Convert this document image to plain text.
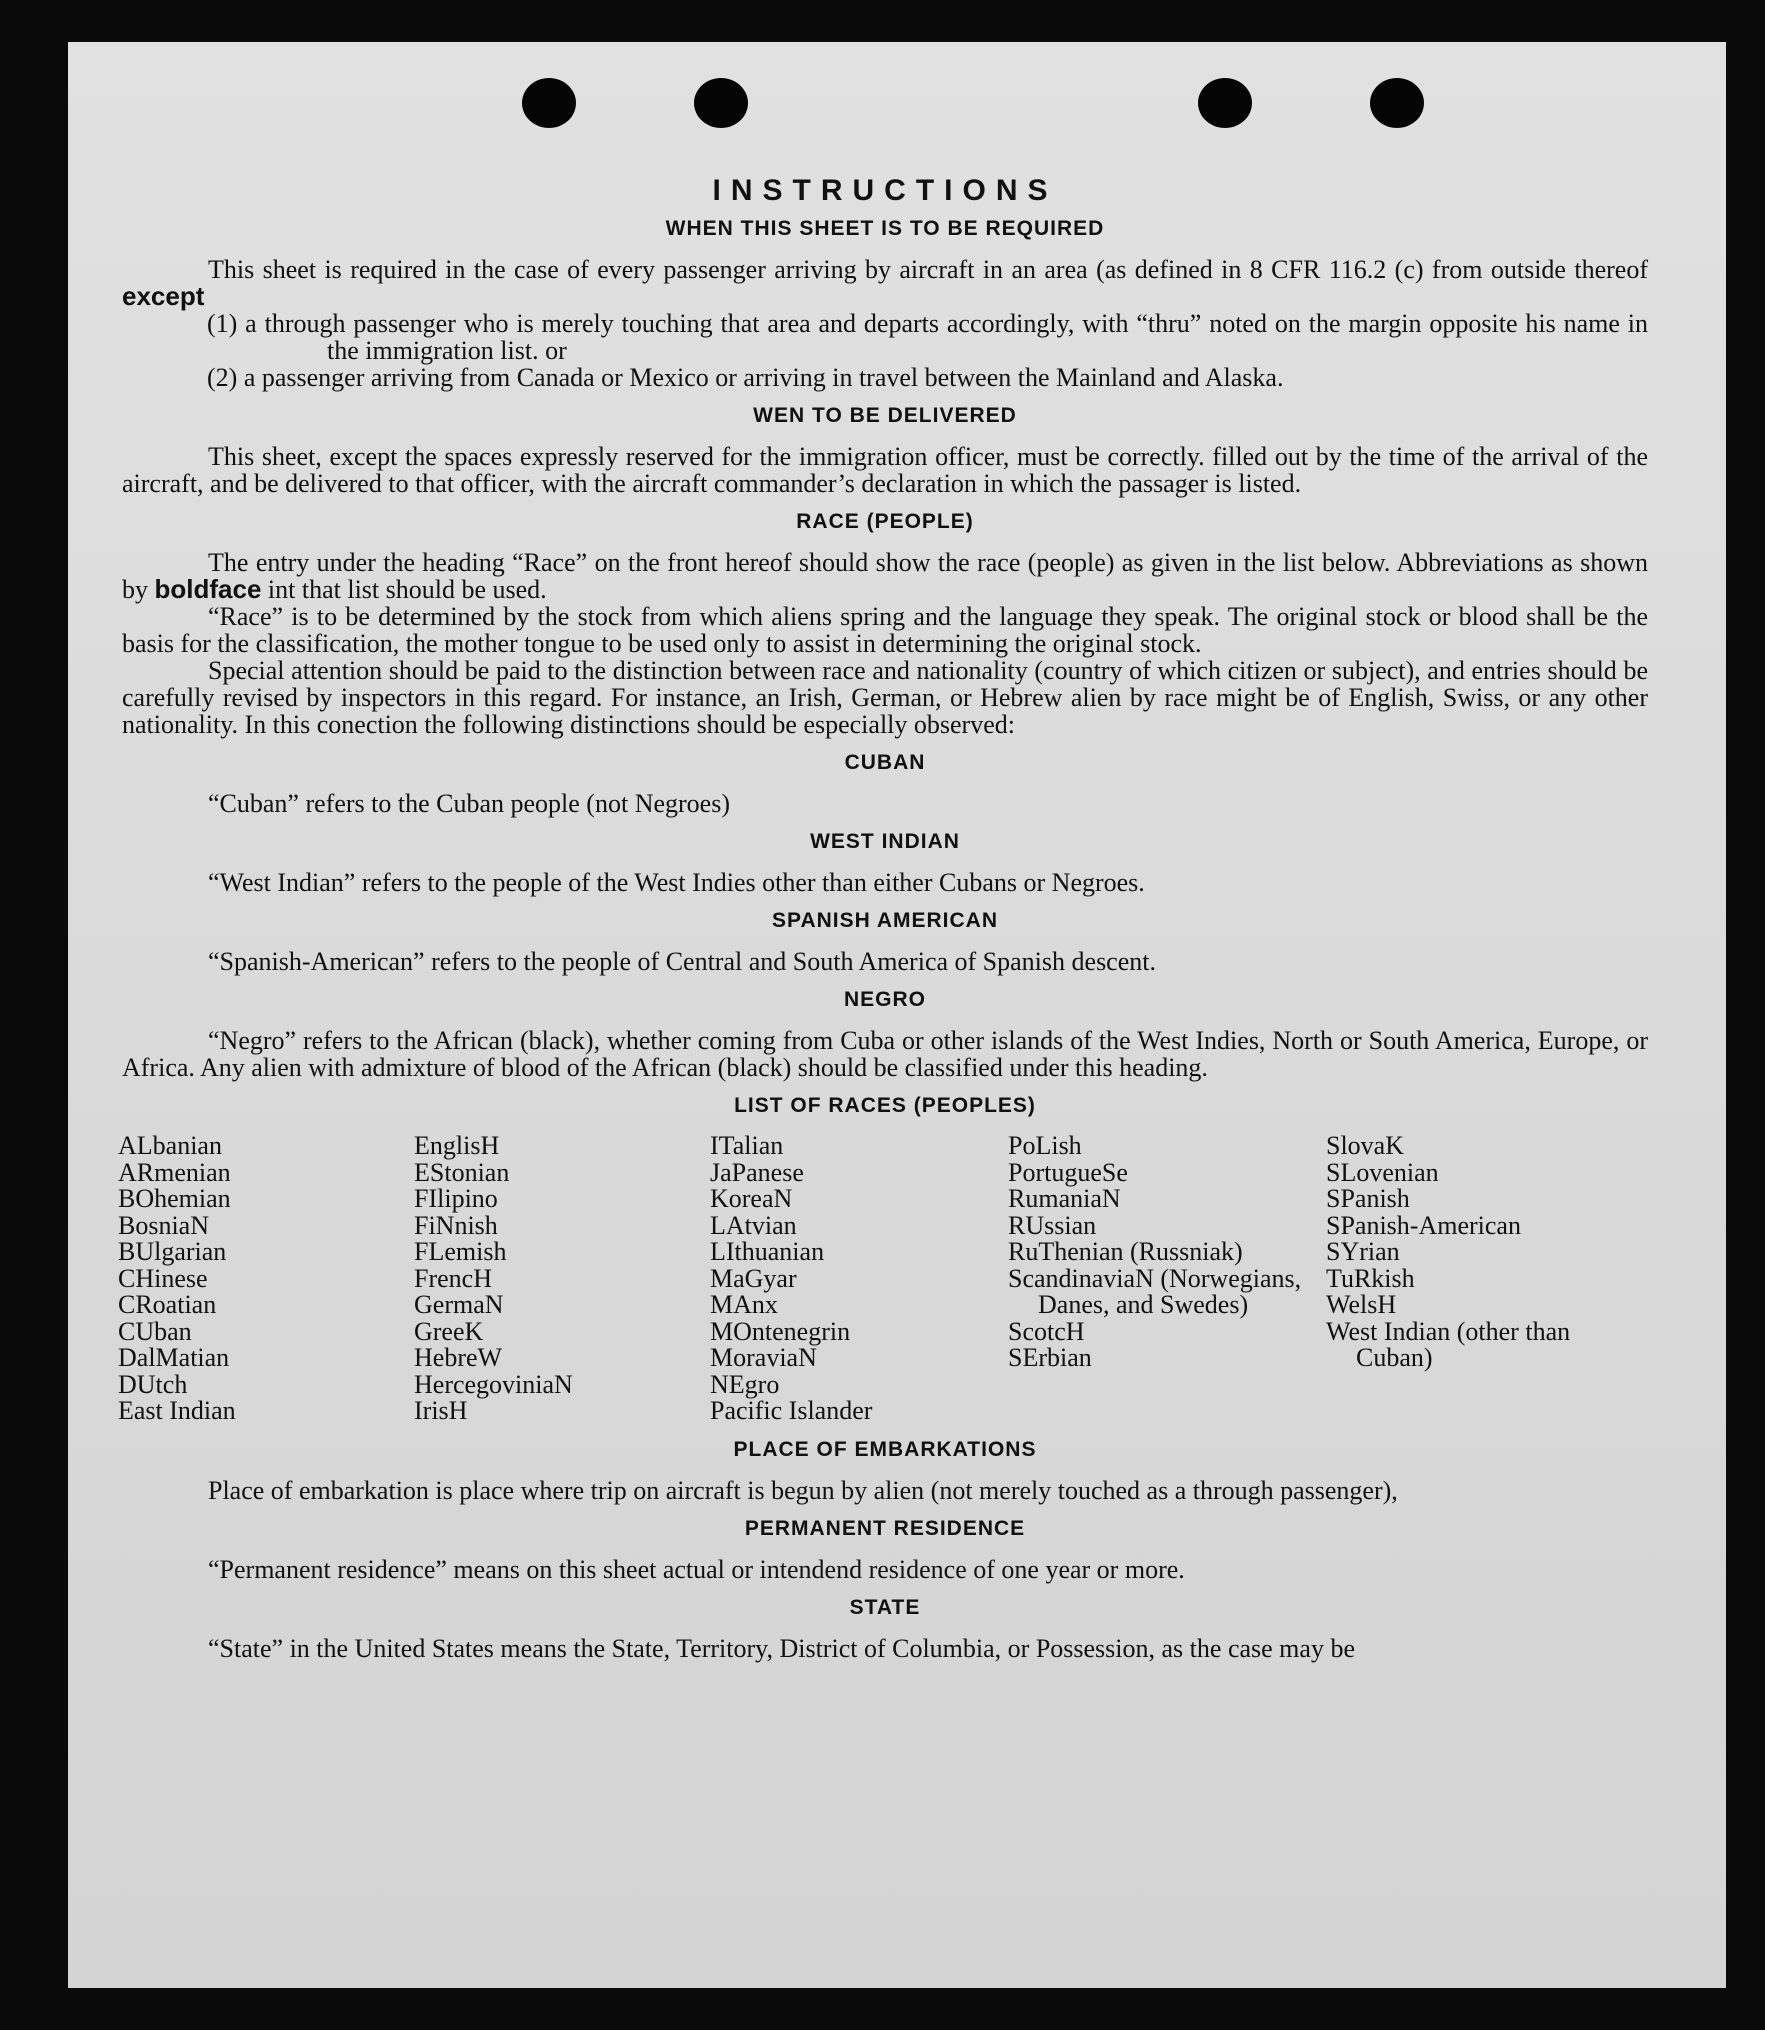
INSTRUCTIONS
WHEN THIS SHEET IS TO BE REQUIRED

This sheet is required in the case of every passenger arriving by aircraft in an area (as defined in 8 CFR 116.2 (c) from outside thereof except

(1) a through passenger who is merely touching that area and departs accordingly, with “thru” noted on the margin opposite his name in the immigration list. or

(2) a passenger arriving from Canada or Mexico or arriving in travel between the Mainland and Alaska.

WEN TO BE DELIVERED

This sheet, except the spaces expressly reserved for the immigration officer, must be correctly. filled out by the time of the arrival of the aircraft, and be delivered to that officer, with the aircraft commander’s declaration in which the passager is listed.

RACE (PEOPLE)

The entry under the heading “Race” on the front hereof should show the race (people) as given in the list below. Abbreviations as shown by boldface int that list should be used.

“Race” is to be determined by the stock from which aliens spring and the language they speak. The original stock or blood shall be the basis for the classification, the mother tongue to be used only to assist in determining the original stock.

Special attention should be paid to the distinction between race and nationality (country of which citizen or subject), and entries should be carefully revised by inspectors in this regard. For instance, an Irish, German, or Hebrew alien by race might be of English, Swiss, or any other nationality. In this conection the following distinctions should be especially observed:

CUBAN

“Cuban” refers to the Cuban people (not Negroes)

WEST INDIAN

“West Indian” refers to the people of the West Indies other than either Cubans or Negroes.

SPANISH AMERICAN

“Spanish-American” refers to the people of Central and South America of Spanish descent.

NEGRO

“Negro” refers to the African (black), whether coming from Cuba or other islands of the West Indies, North or South America, Europe, or Africa. Any alien with admixture of blood of the African (black) should be classified under this heading.

LIST OF RACES (PEOPLES)
ALbanian
ARmenian
BOhemian
BosniaN
BUlgarian
CHinese
CRoatian
CUban
DalMatian
DUtch
East Indian
EnglisH
EStonian
FIlipino
FiNnish
FLemish
FrencH
GermaN
GreeK
HebreW
HercegoviniaN
IrisH
ITalian
JaPanese
KoreaN
LAtvian
LIthuanian
MaGyar
MAnx
MOntenegrin
MoraviaN
NEgro
Pacific Islander
PoLish
PortugueSe
RumaniaN
RUssian
RuThenian (Russniak)
ScandinaviaN (Norwegians, Danes, and Swedes)
ScotcH
SErbian
SlovaK
SLovenian
SPanish
SPanish-American
SYrian
TuRkish
WelsH
West Indian (other than Cuban)
PLACE OF EMBARKATIONS

Place of embarkation is place where trip on aircraft is begun by alien (not merely touched as a through passenger),

PERMANENT RESIDENCE

“Permanent residence” means on this sheet actual or intendend residence of one year or more.

STATE

“State” in the United States means the State, Territory, District of Columbia, or Possession, as the case may be
